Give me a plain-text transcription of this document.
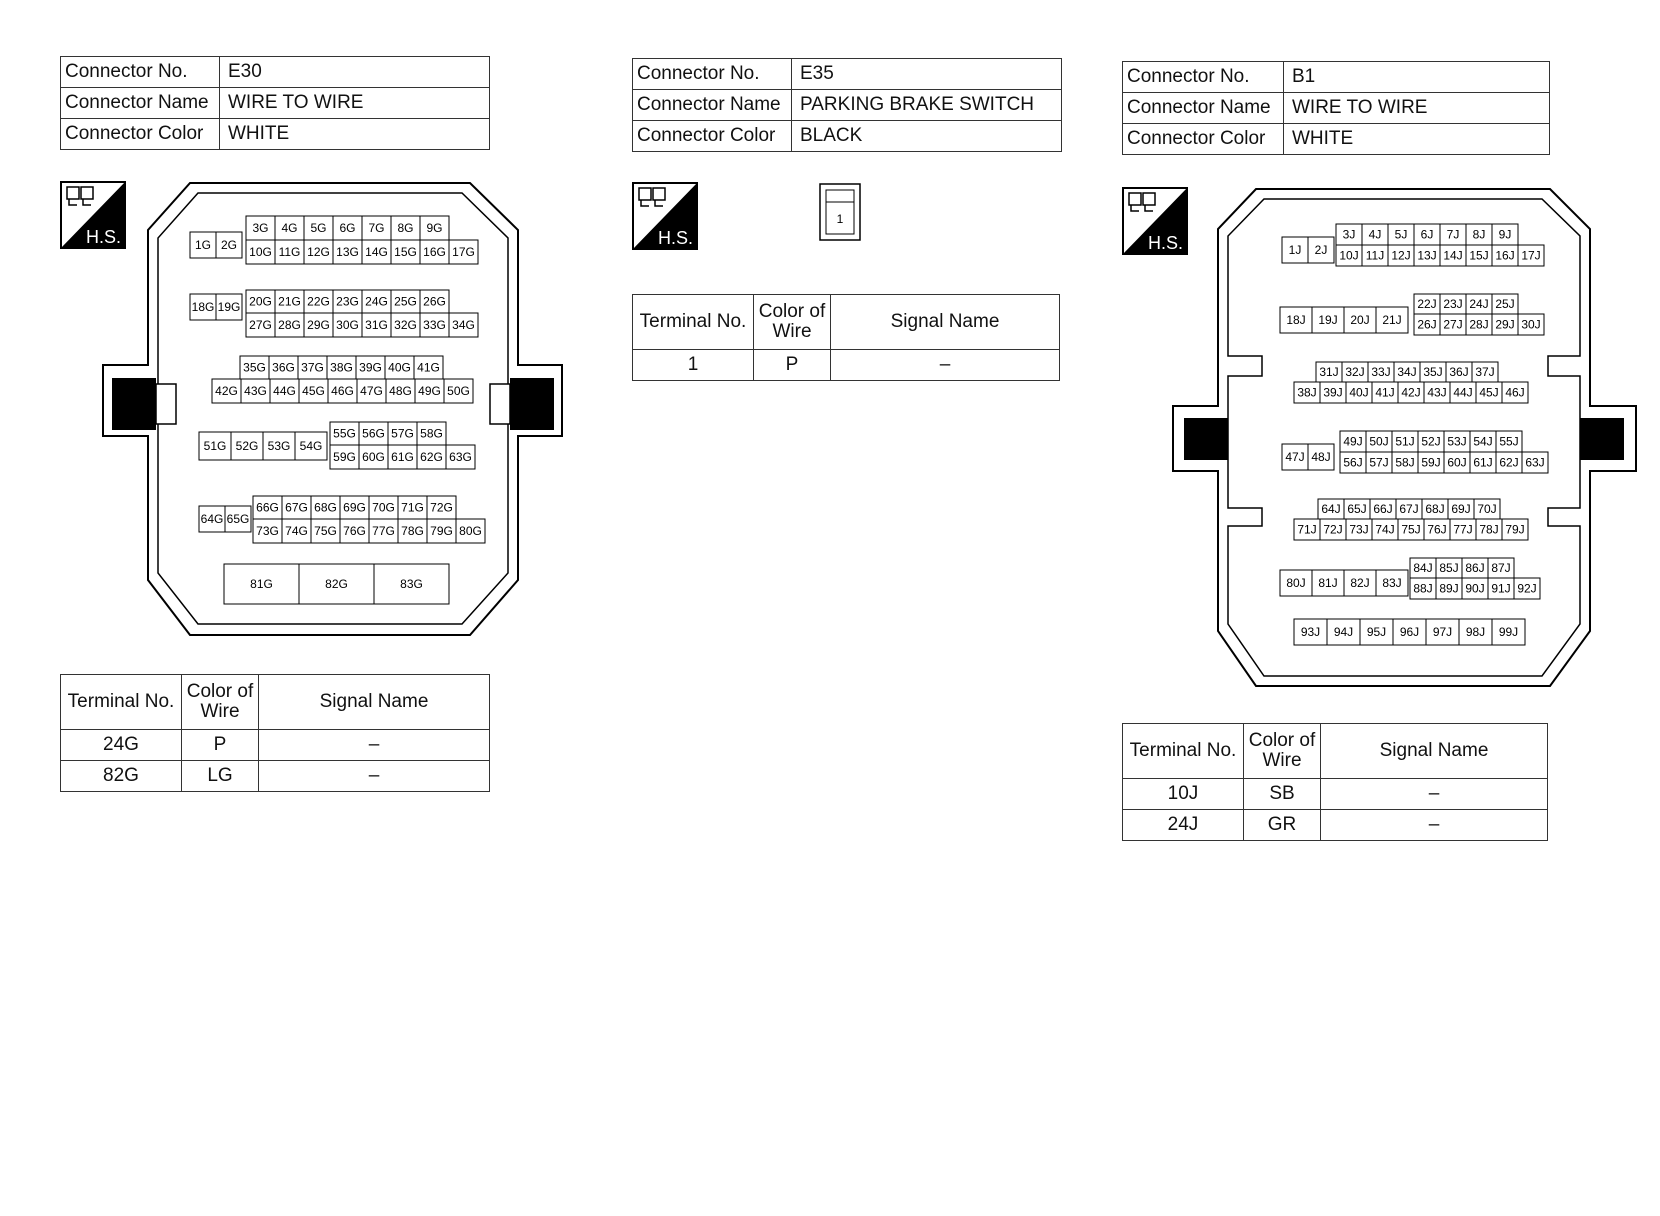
Connector No.	E30
Connector Name	WIRE TO WIRE
Connector Color	WHITE
H.S.	1G 2G
3G 4G 5G 6G 7G 8G 9G
10G 11G 12G 13G 14G 15G 16G 17G
18G 19G 20G 21G 22G 23G 24G 25G 26G
27G 28G 29G 30G 31G 32G 33G 34G
35G 36G 37G 38G 39G 40G 41G
42G 43G 44G 45G 46G 47G 48G 49G 50G
51G 52G 53G 54G
55G 56G 57G 58G
59G 60G 61G 62G 63G
64G 65G
66G 67G 68G 69G 70G 71G 72G
73G 74G 75G 76G 77G 78G 79G 80G
81G	82G	83G
Terminal No.	Color of Wire	Signal Name
24G	P	–
82G	LG	–
Connector No.	E35
Connector Name	PARKING BRAKE SWITCH
Connector Color	BLACK
H.S.
1
Terminal No.	Color of Wire	Signal Name
1	P	–
Connector No.	B1
Connector Name	WIRE TO WIRE
Connector Color	WHITE
H.S.	1J 2J
3J 4J 5J 6J 7J 8J 9J
10J 11J 12J 13J 14J 15J 16J 17J
18J 19J 20J 21J
22J 23J 24J 25J
26J 27J 28J 29J 30J
31J 32J 33J 34J 35J 36J 37J
38J 39J 40J 41J 42J 43J 44J 45J 46J
47J 48J
49J 50J 51J 52J 53J 54J 55J
56J 57J 58J 59J 60J 61J 62J 63J
64J 65J 66J 67J 68J 69J 70J
71J 72J 73J 74J 75J 76J 77J 78J 79J
80J 81J 82J 83J
84J 85J 86J 87J
88J 89J 90J 91J 92J
93J 94J 95J 96J 97J 98J 99J
Terminal No.	Color of Wire	Signal Name
10J	SB	–
24J	GR	–
